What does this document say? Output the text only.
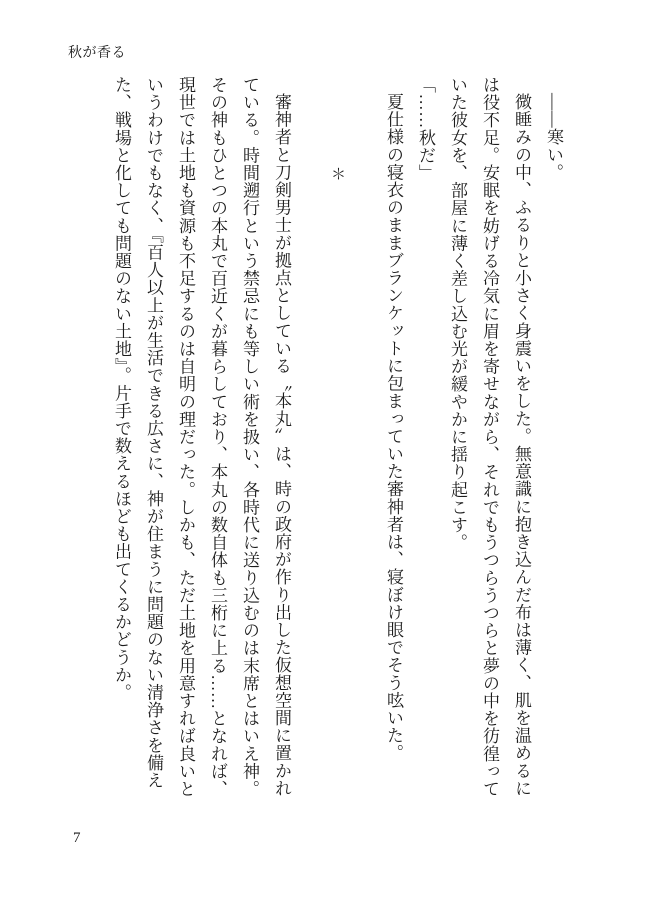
秋が香る

――寒い。

微睡みの中、ふるりと小さく身震いをした。無意識に抱き込んだ布は薄く、肌を温めるには役不足。安眠を妨げる冷気に眉を寄せながら、それでもうつらうつらと夢の中を彷徨っていた彼女を、部屋に薄く差し込む光が緩やかに揺り起こす。

「……秋だ」

夏仕様の寝衣のままブランケットに包まっていた審神者は、寝ぼけ眼でそう呟いた。

＊

審神者と刀剣男士が拠点としている〝本丸〟は、時の政府が作り出した仮想空間に置かれている。時間遡行という禁忌にも等しい術を扱い、各時代に送り込むのは末席とはいえ神。その神もひとつの本丸で百近くが暮らしており、本丸の数自体も三桁に上る……となれば、現世では土地も資源も不足するのは自明の理だった。しかも、ただ土地を用意すれば良いというわけでもなく、『百人以上が生活できる広さに、神が住まうに問題のない清浄さを備えた、戦場と化しても問題のない土地』。片手で数えるほども出てくるかどうか。

7
